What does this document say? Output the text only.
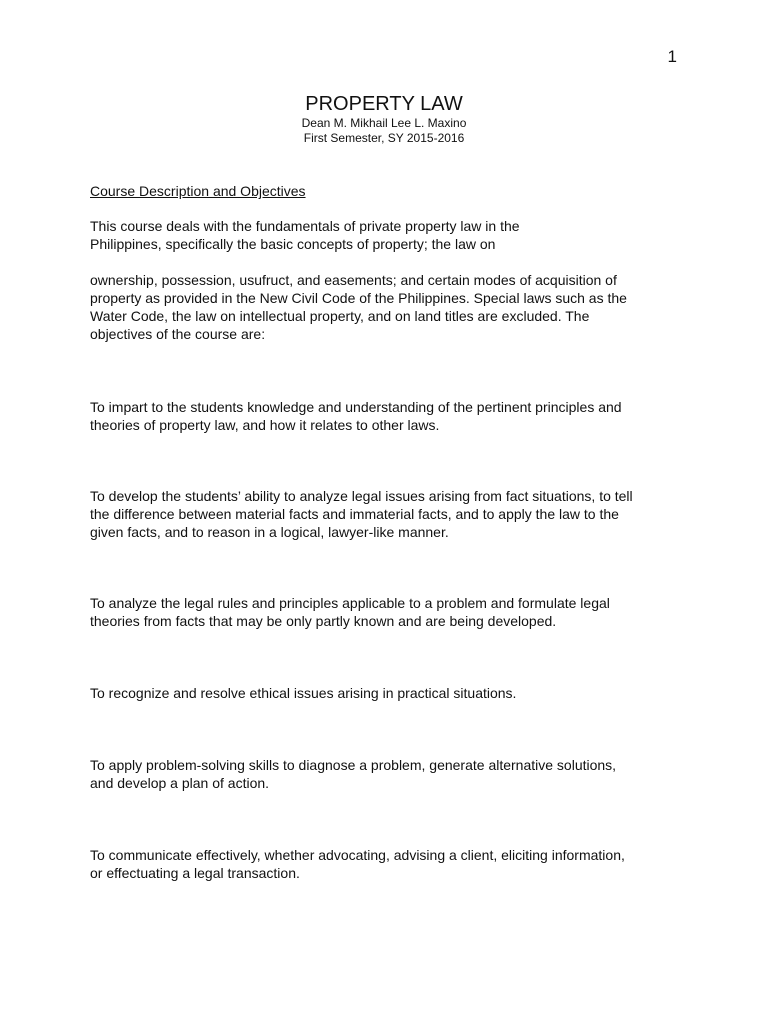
1

PROPERTY LAW

Dean M. Mikhail Lee L. Maxino

First Semester, SY 2015-2016

Course Description and Objectives

This course deals with the fundamentals of private property law in the
Philippines, specifically the basic concepts of property; the law on
ownership, possession, usufruct, and easements; and certain modes of acquisition of
property as provided in the New Civil Code of the Philippines. Special laws such as the
Water Code, the law on intellectual property, and on land titles are excluded. The
objectives of the course are:
To impart to the students knowledge and understanding of the pertinent principles and
theories of property law, and how it relates to other laws.
To develop the students’ ability to analyze legal issues arising from fact situations, to tell
the difference between material facts and immaterial facts, and to apply the law to the
given facts, and to reason in a logical, lawyer-like manner.
To analyze the legal rules and principles applicable to a problem and formulate legal
theories from facts that may be only partly known and are being developed.
To recognize and resolve ethical issues arising in practical situations.
To apply problem-solving skills to diagnose a problem, generate alternative solutions,
and develop a plan of action.
To communicate effectively, whether advocating, advising a client, eliciting information,
or effectuating a legal transaction.
